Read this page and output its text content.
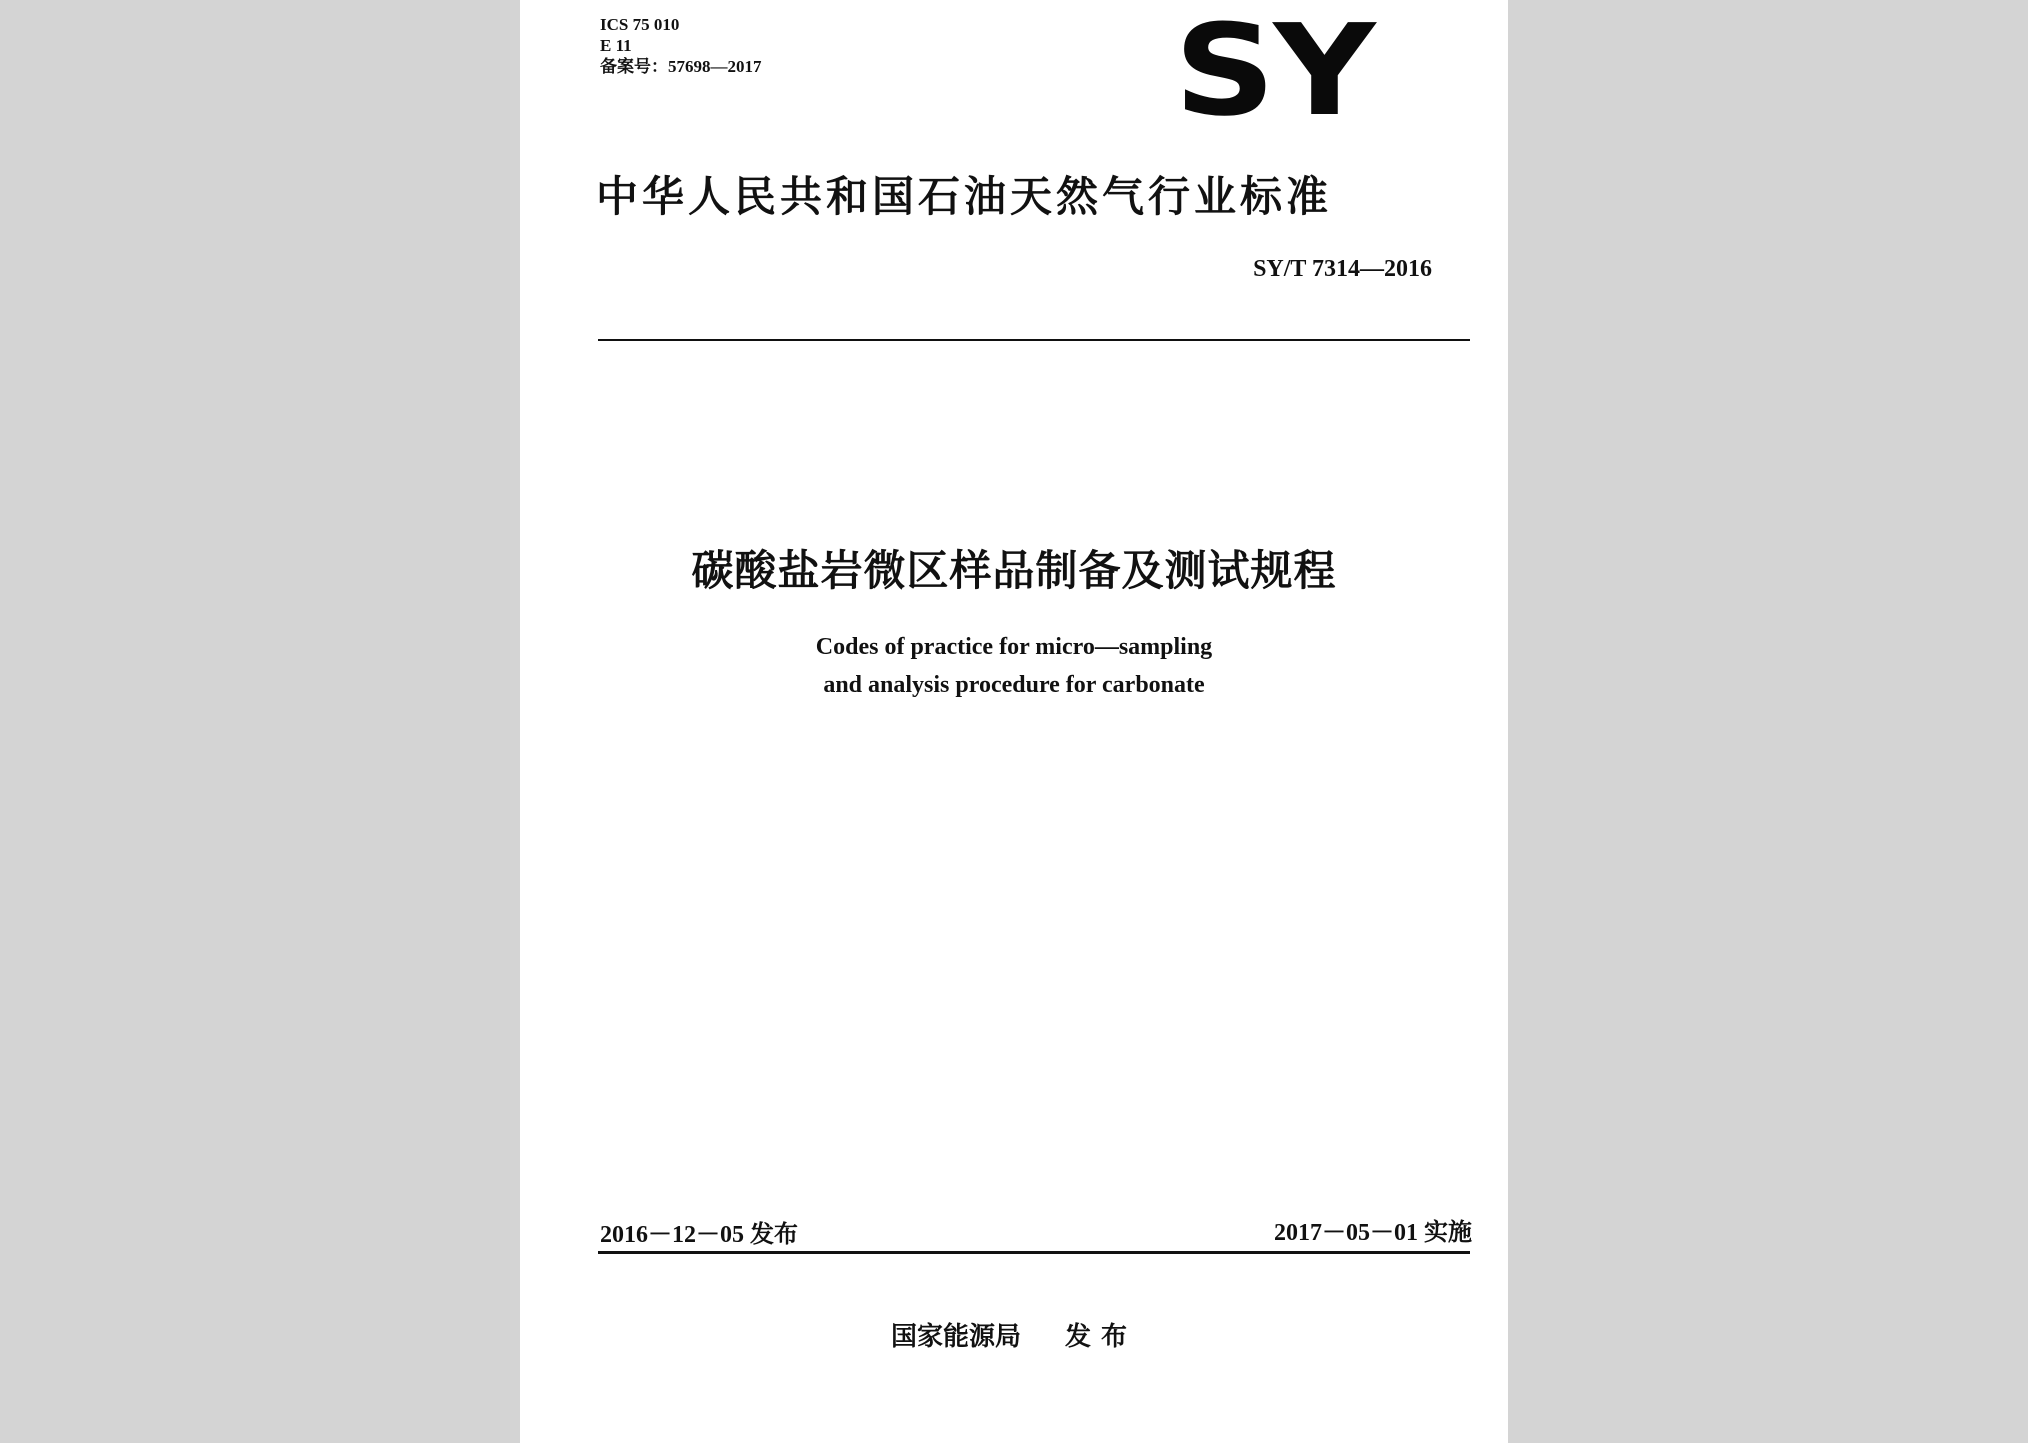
ICS 75 010
E 11
备案号：57698—2017	SY
中华人民共和国石油天然气行业标准
SY/T 7314—2016
碳酸盐岩微区样品制备及测试规程
Codes of practice for micro—sampling
and analysis procedure for carbonate
2016－12－05 发布	2017－05－01 实施
国家能源局 发布
